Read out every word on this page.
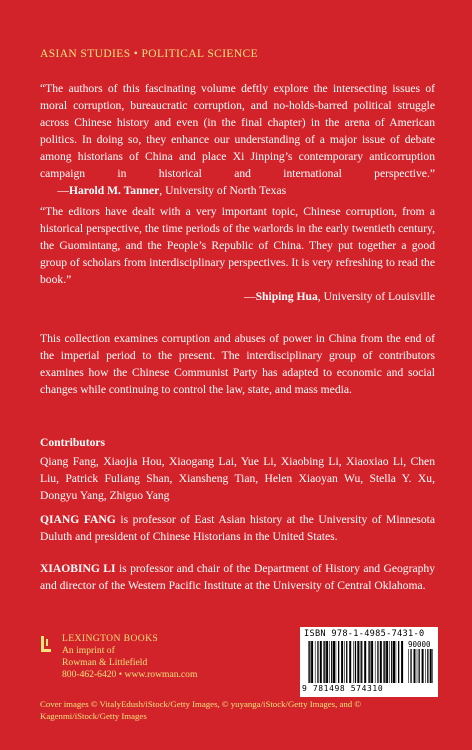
ASIAN STUDIES • POLITICAL SCIENCE
“The authors of this fascinating volume deftly explore the intersecting issues of moral corruption, bureaucratic corruption, and no-holds-barred political struggle across Chinese history and even (in the final chapter) in the arena of American politics. In doing so, they enhance our understanding of a major issue of debate among historians of China and place Xi Jinping’s contemporary anticorruption campaign in historical and international perspective.”       —Harold M. Tanner, University of North Texas
“The editors have dealt with a very important topic, Chinese corruption, from a historical perspective, the time periods of the warlords in the early twentieth century, the Guomintang, and the People’s Republic of China. They put together a good group of scholars from interdisciplinary perspectives. It is very refreshing to read the book.”
—Shiping Hua, University of Louisville
This collection examines corruption and abuses of power in China from the end of the imperial period to the present. The interdisciplinary group of contributors examines how the Chinese Communist Party has adapted to economic and social changes while continuing to control the law, state, and mass media.
Contributors
Qiang Fang, Xiaojia Hou, Xiaogang Lai, Yue Li, Xiaobing Li, Xiaoxiao Li, Chen Liu, Patrick Fuliang Shan, Xiansheng Tian, Helen Xiaoyan Wu, Stella Y. Xu, Dongyu Yang, Zhiguo Yang
QIANG FANG is professor of East Asian history at the University of Minnesota Duluth and president of Chinese Historians in the United States.
XIAOBING LI is professor and chair of the Department of History and Geography and director of the Western Pacific Institute at the University of Central Oklahoma.
LEXINGTON BOOKS
An imprint of
Rowman & Littlefield
800-462-6420 • www.rowman.com
ISBN 978-1-4985-7431-0
90000
9 781498 574310
Cover images © VitalyEdush/iStock/Getty Images, © yuyanga/iStock/Getty Images, and © Kagenmi/iStock/Getty Images
